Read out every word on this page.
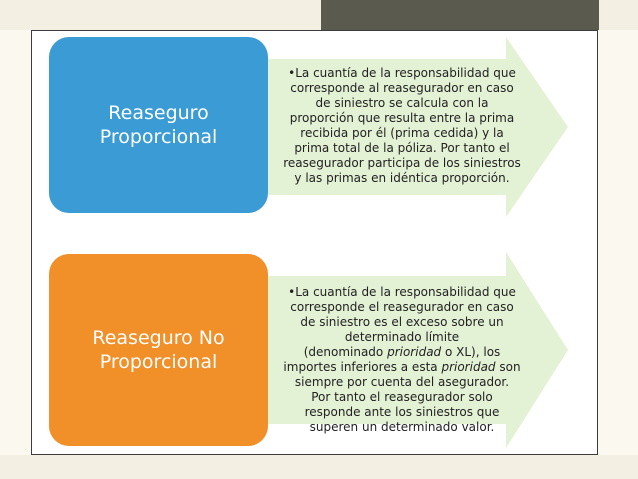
•La cuantía de la responsabilidad que
corresponde al reasegurador en caso
de siniestro se calcula con la
proporción que resulta entre la prima
recibida por él (prima cedida) y la
prima total de la póliza. Por tanto el
reasegurador participa de los siniestros
y las primas en idéntica proporción.
•La cuantía de la responsabilidad que
corresponde el reasegurador en caso
de siniestro es el exceso sobre un
determinado límite
(denominado prioridad o XL), los
importes inferiores a esta prioridad son
siempre por cuenta del asegurador.
Por tanto el reasegurador solo
responde ante los siniestros que
superen un determinado valor.
Reaseguro
Proporcional
Reaseguro No
Proporcional
